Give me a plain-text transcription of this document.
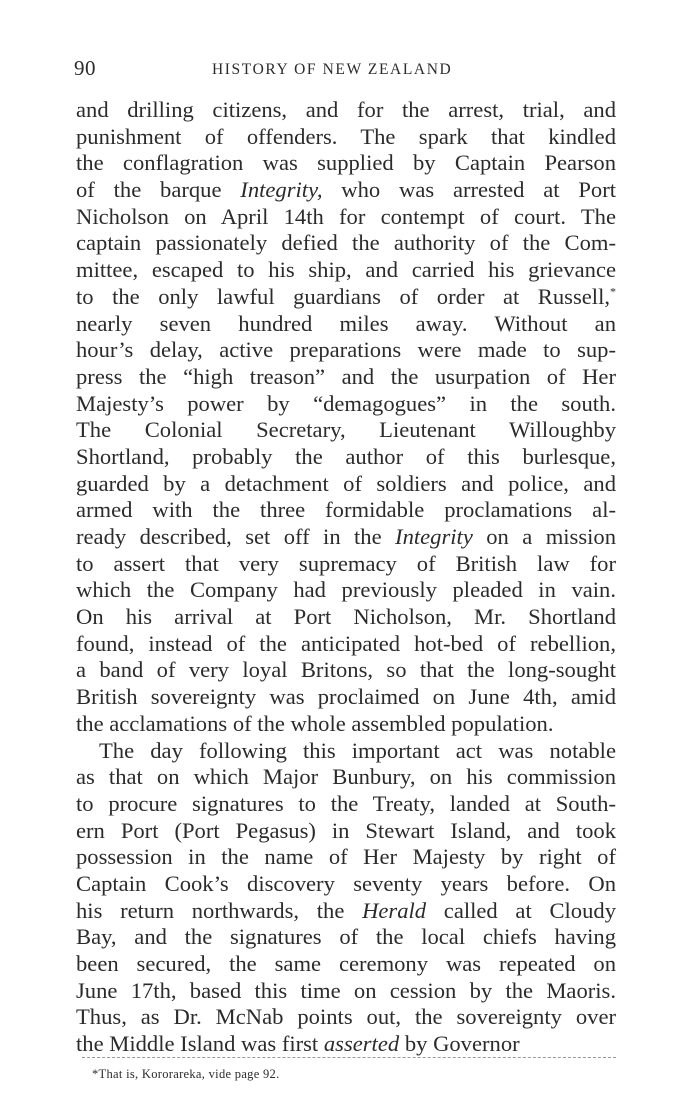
90	HISTORY OF NEW ZEALAND
and drilling citizens, and for the arrest, trial, and
punishment of offenders. The spark that kindled
the conflagration was supplied by Captain Pearson
of the barque Integrity, who was arrested at Port
Nicholson on April 14th for contempt of court. The
captain passionately defied the authority of the Com-
mittee, escaped to his ship, and carried his grievance
to the only lawful guardians of order at Russell,*
nearly seven hundred miles away. Without an
hour’s delay, active preparations were made to sup-
press the “high treason” and the usurpation of Her
Majesty’s power by “demagogues” in the south.
The Colonial Secretary, Lieutenant Willoughby
Shortland, probably the author of this burlesque,
guarded by a detachment of soldiers and police, and
armed with the three formidable proclamations al-
ready described, set off in the Integrity on a mission
to assert that very supremacy of British law for
which the Company had previously pleaded in vain.
On his arrival at Port Nicholson, Mr. Shortland
found, instead of the anticipated hot-bed of rebellion,
a band of very loyal Britons, so that the long-sought
British sovereignty was proclaimed on June 4th, amid
the acclamations of the whole assembled population.
The day following this important act was notable
as that on which Major Bunbury, on his commission
to procure signatures to the Treaty, landed at South-
ern Port (Port Pegasus) in Stewart Island, and took
possession in the name of Her Majesty by right of
Captain Cook’s discovery seventy years before. On
his return northwards, the Herald called at Cloudy
Bay, and the signatures of the local chiefs having
been secured, the same ceremony was repeated on
June 17th, based this time on cession by the Maoris.
Thus, as Dr. McNab points out, the sovereignty over
the Middle Island was first asserted by Governor
*That is, Kororareka, vide page 92.
